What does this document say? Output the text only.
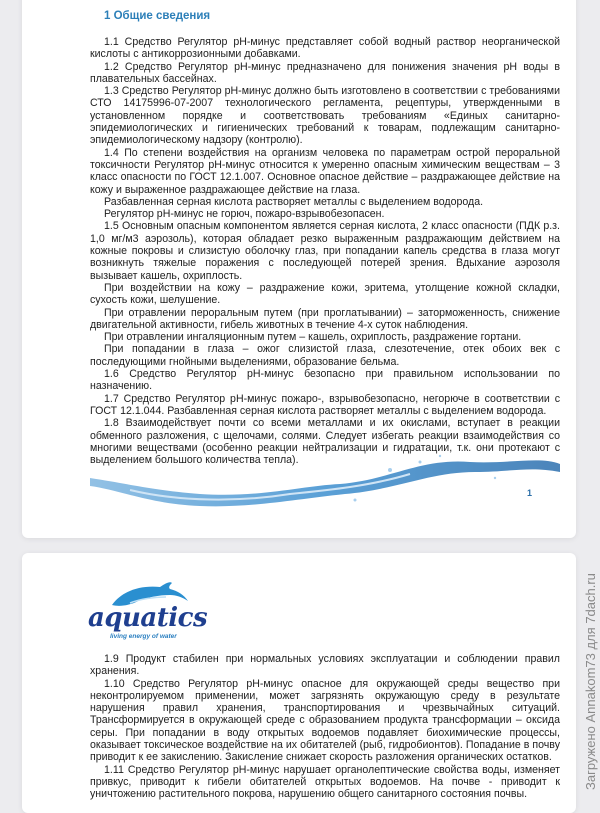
1 Общие сведения

1.1 Средство Регулятор pH-минус представляет собой водный раствор неорганической кислоты с антикоррозионными добавками.

1.2 Средство Регулятор pH-минус предназначено для понижения значения pH воды в плавательных бассейнах.

1.3 Средство Регулятор pH-минус должно быть изготовлено в соответствии с требованиями СТО 14175996-07-2007 технологического регламента, рецептуры, утвержденными в установленном порядке и соответствовать требованиям «Единых санитарно-эпидемиологических и гигиенических требований к товарам, подлежащим санитарно-эпидемиологическому надзору (контролю).

1.4 По степени воздействия на организм человека по параметрам острой пероральной токсичности Регулятор pH-минус относится к умеренно опасным химическим веществам – 3 класс опасности по ГОСТ 12.1.007. Основное опасное действие – раздражающее действие на кожу и выраженное раздражающее действие на глаза.

Разбавленная серная кислота растворяет металлы с выделением водорода.

Регулятор pH-минус не горюч, пожаро-взрывобезопасен.

1.5 Основным опасным компонентом является серная кислота, 2 класс опасности (ПДК р.з. 1,0 мг/м3 аэрозоль), которая обладает резко выраженным раздражающим действием на кожные покровы и слизистую оболочку глаз, при попадании капель средства в глаза могут возникнуть тяжелые поражения с последующей потерей зрения. Вдыхание аэрозоля вызывает кашель, охриплость.

При воздействии на кожу – раздражение кожи, эритема, утолщение кожной складки, сухость кожи, шелушение.

При отравлении пероральным путем (при проглатывании) – заторможенность, снижение двигательной активности, гибель животных в течение 4-х суток наблюдения.

При отравлении ингаляционным путем – кашель, охриплость, раздражение гортани.

При попадании в глаза – ожог слизистой глаза, слезотечение, отек обоих век с последующими гнойными выделениями, образование бельма.

1.6 Средство Регулятор pH-минус безопасно при правильном использовании по назначению.

1.7 Средство Регулятор pH-минус пожаро-, взрывобезопасно, негорюче в соответствии с ГОСТ 12.1.044. Разбавленная серная кислота растворяет металлы с выделением водорода.

1.8 Взаимодействует почти со всеми металлами и их окислами, вступает в реакции обменного разложения, с щелочами, солями. Следует избегать реакции взаимодействия со многими веществами (особенно реакции нейтрализации и гидратации, т.к. они протекают с выделением большого количества тепла).

1
aquatics
living energy of water

1.9 Продукт стабилен при нормальных условиях эксплуатации и соблюдении правил хранения.

1.10 Средство Регулятор pH-минус опасное для окружающей среды вещество при неконтролируемом применении, может загрязнять окружающую среду в результате нарушения правил хранения, транспортирования и чрезвычайных ситуаций. Трансформируется в окружающей среде с образованием продукта трансформации – оксида серы. При попадании в воду открытых водоемов подавляет биохимические процессы, оказывает токсическое воздействие на их обитателей (рыб, гидробионтов). Попадание в почву приводит к ее закислению. Закисление снижает скорость разложения органических остатков.

1.11 Средство Регулятор pH-минус нарушает органолептические свойства воды, изменяет привкус, приводит к гибели обитателей открытых водоемов. На почве - приводит к уничтожению растительного покрова, нарушению общего санитарного состояния почвы.

Загружено Annakom73 для 7dach.ru
